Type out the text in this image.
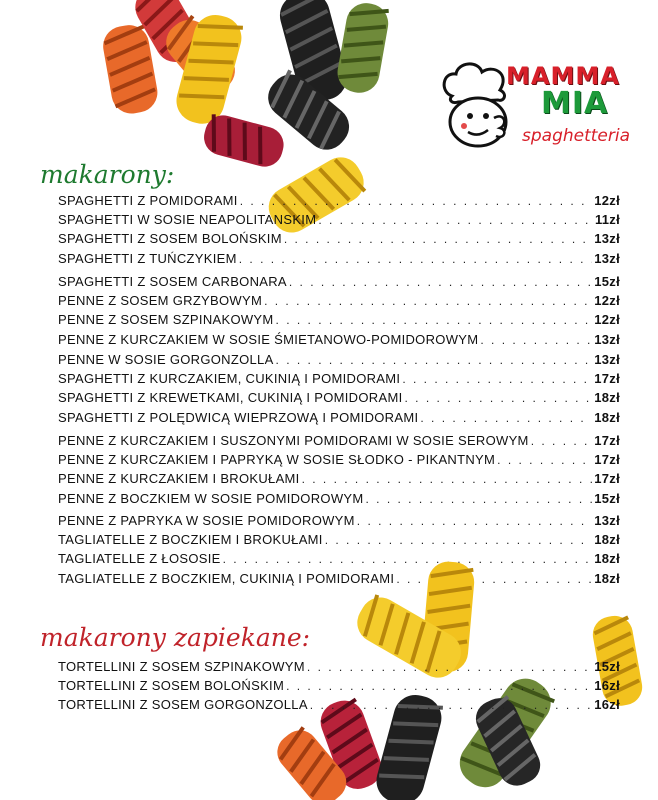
MAMMA
MIA
spaghetteria
makarony:
SPAGHETTI Z POMIDORAMI . . .	12zł
SPAGHETTI W SOSIE NEAPOLITANSKIM . . .	11zł
SPAGHETTI Z SOSEM BOLOŃSKIM . . .	13zł
SPAGHETTI Z TUŃCZYKIEM . . .	13zł
SPAGHETTI Z SOSEM CARBONARA . . .	15zł
PENNE Z SOSEM GRZYBOWYM . . .	12zł
PENNE Z SOSEM SZPINAKOWYM . . .	12zł
PENNE Z KURCZAKIEM W SOSIE ŚMIETANOWO-POMIDOROWYM . . .	13zł
PENNE W SOSIE GORGONZOLLA . . .	13zł
SPAGHETTI Z KURCZAKIEM, CUKINIĄ I POMIDORAMI . . .	17zł
SPAGHETTI Z KREWETKAMI, CUKINIĄ I POMIDORAMI . . .	18zł
SPAGHETTI Z POLĘDWICĄ WIEPRZOWĄ I POMIDORAMI . . .	18zł
PENNE Z KURCZAKIEM I SUSZONYMI POMIDORAMI W SOSIE SEROWYM . . .	17zł
PENNE Z KURCZAKIEM I PAPRYKĄ W SOSIE SŁODKO - PIKANTNYM . . .	17zł
PENNE Z KURCZAKIEM I BROKUŁAMI . . .	17zł
PENNE Z BOCZKIEM W SOSIE POMIDOROWYM . . .	15zł
PENNE Z PAPRYKA W SOSIE POMIDOROWYM . . .	13zł
TAGLIATELLE Z BOCZKIEM I BROKUŁAMI . . .	18zł
TAGLIATELLE Z ŁOSOSIE . . .	18zł
TAGLIATELLE Z BOCZKIEM, CUKINIĄ I POMIDORAMI . . .	18zł
makarony zapiekane:
TORTELLINI Z SOSEM SZPINAKOWYM . . .	15zł
TORTELLINI Z SOSEM BOLOŃSKIM . . .	16zł
TORTELLINI Z SOSEM GORGONZOLLA . . .	16zł
